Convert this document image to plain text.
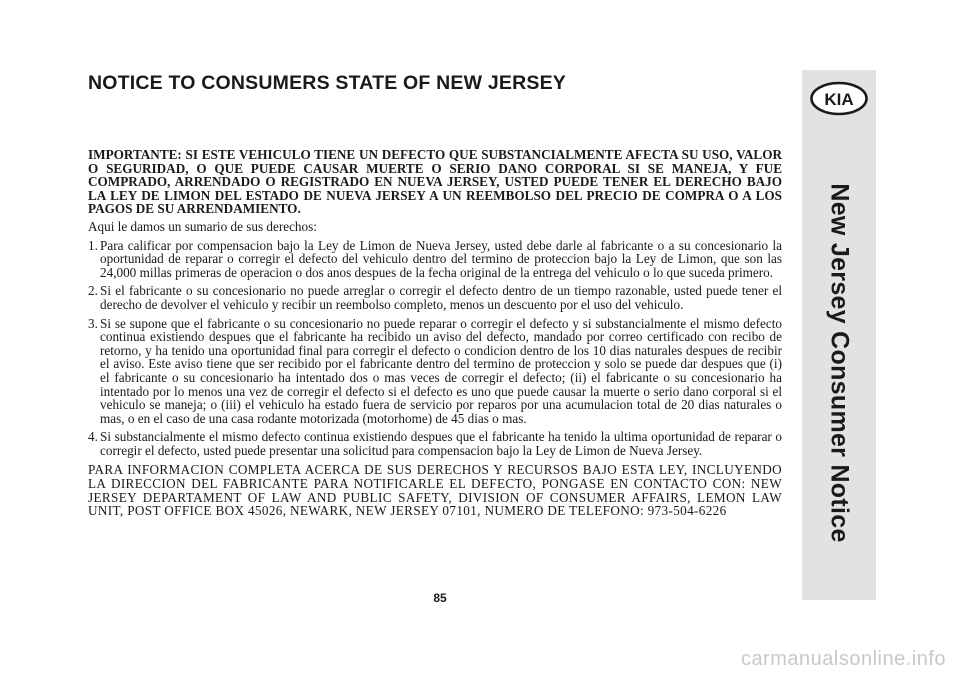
NOTICE TO CONSUMERS STATE OF NEW JERSEY

IMPORTANTE: SI ESTE VEHICULO TIENE UN DEFECTO QUE SUBSTANCIALMENTE AFECTA SU USO, VALOR O SEGURIDAD, O QUE PUEDE CAUSAR MUERTE O SERIO DANO CORPORAL SI SE MANEJA, Y FUE COMPRADO, ARRENDADO O REGISTRADO EN NUEVA JERSEY, USTED PUEDE TENER EL DERECHO BAJO LA LEY DE LIMON DEL ESTADO DE NUEVA JERSEY A UN REEMBOLSO DEL PRECIO DE COMPRA O A LOS PAGOS DE SU ARRENDAMIENTO.

Aqui le damos un sumario de sus derechos:

1. Para calificar por compensacion bajo la Ley de Limon de Nueva Jersey, usted debe darle al fabricante o a su concesionario la oportunidad de reparar o corregir el defecto del vehiculo dentro del termino de proteccion bajo la Ley de Limon, que son las 24,000 millas primeras de operacion o dos anos despues de la fecha original de la entrega del vehiculo o lo que suceda primero.
2. Si el fabricante o su concesionario no puede arreglar o corregir el defecto dentro de un tiempo razonable, usted puede tener el derecho de devolver el vehiculo y recibir un reembolso completo, menos un descuento por el uso del vehiculo.
3. Si se supone que el fabricante o su concesionario no puede reparar o corregir el defecto y si substancialmente el mismo defecto continua existiendo despues que el fabricante ha recibido un aviso del defecto, mandado por correo certificado con recibo de retorno, y ha tenido una oportunidad final para corregir el defecto o condicion dentro de los 10 dias naturales despues de recibir el aviso. Este aviso tiene que ser recibido por el fabricante dentro del termino de proteccion y solo se puede dar despues que (i) el fabricante o su concesionario ha intentado dos o mas veces de corregir el defecto; (ii) el fabricante o su concesionario ha intentado por lo menos una vez de corregir el defecto si el defecto es uno que puede causar la muerte o serio dano corporal si el vehiculo se maneja; o (iii) el vehiculo ha estado fuera de servicio por reparos por una acumulacion total de 20 dias naturales o mas, o en el caso de una casa rodante motorizada (motorhome) de 45 dias o mas.
4. Si substancialmente el mismo defecto continua existiendo despues que el fabricante ha tenido la ultima oportunidad de reparar o corregir el defecto, usted puede presentar una solicitud para compensacion bajo la Ley de Limon de Nueva Jersey.

PARA INFORMACION COMPLETA ACERCA DE SUS DERECHOS Y RECURSOS BAJO ESTA LEY, INCLUYENDO LA DIRECCION DEL FABRICANTE PARA NOTIFICARLE EL DEFECTO, PONGASE EN CONTACTO CON: NEW JERSEY DEPARTAMENT OF LAW AND PUBLIC SAFETY, DIVISION OF CONSUMER AFFAIRS, LEMON LAW UNIT, POST OFFICE BOX 45026, NEWARK, NEW JERSEY 07101, NUMERO DE TELEFONO: 973-504-6226

85
KIA
New Jersey Consumer Notice
carmanualsonline.info
